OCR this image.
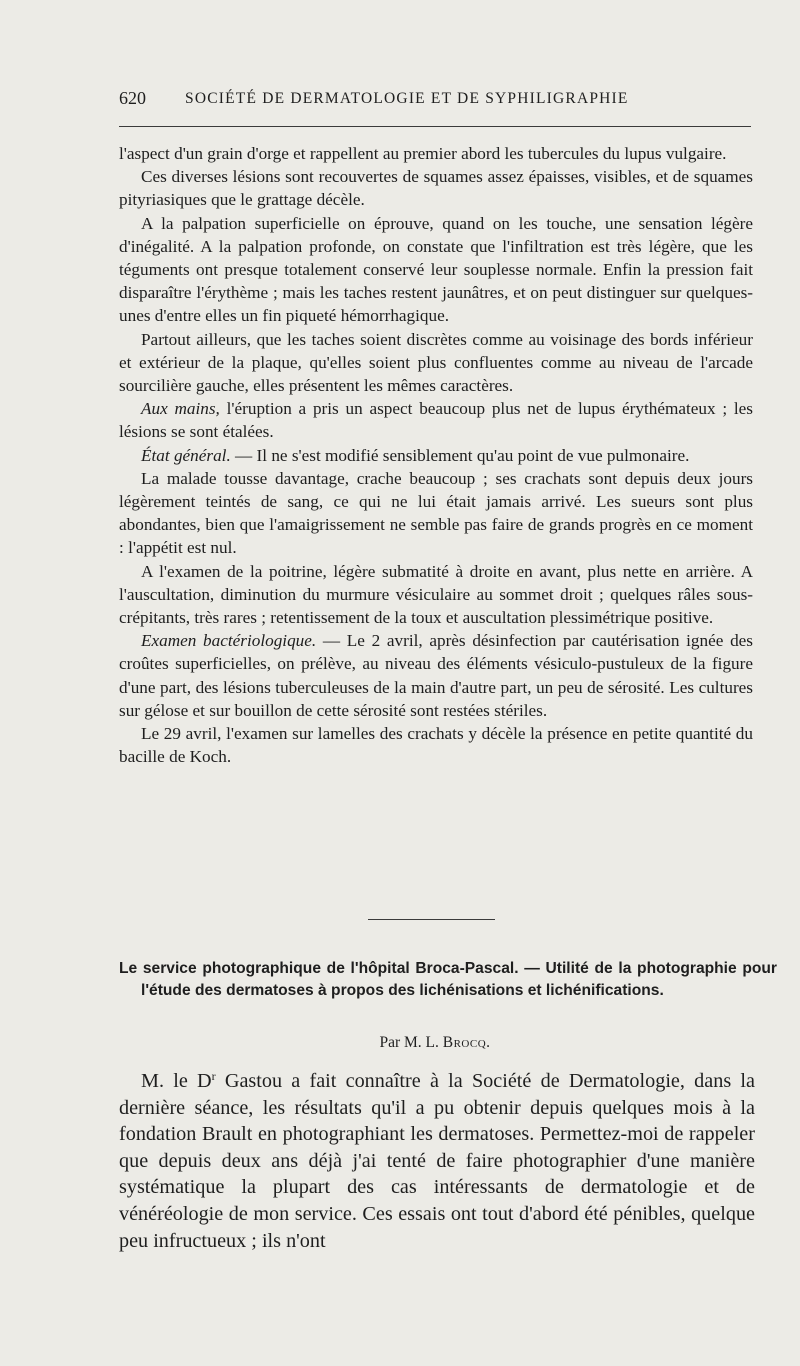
620	SOCIÉTÉ DE DERMATOLOGIE ET DE SYPHILIGRAPHIE

l'aspect d'un grain d'orge et rappellent au premier abord les tubercules du lupus vulgaire.

Ces diverses lésions sont recouvertes de squames assez épaisses, visibles, et de squames pityriasiques que le grattage décèle.

A la palpation superficielle on éprouve, quand on les touche, une sensation légère d'inégalité. A la palpation profonde, on constate que l'infiltration est très légère, que les téguments ont presque totalement conservé leur souplesse normale. Enfin la pression fait disparaître l'érythème ; mais les taches restent jaunâtres, et on peut distinguer sur quelques-unes d'entre elles un fin piqueté hémorrhagique.

Partout ailleurs, que les taches soient discrètes comme au voisinage des bords inférieur et extérieur de la plaque, qu'elles soient plus confluentes comme au niveau de l'arcade sourcilière gauche, elles présentent les mêmes caractères.

Aux mains, l'éruption a pris un aspect beaucoup plus net de lupus érythémateux ; les lésions se sont étalées.

État général. — Il ne s'est modifié sensiblement qu'au point de vue pulmonaire.

La malade tousse davantage, crache beaucoup ; ses crachats sont depuis deux jours légèrement teintés de sang, ce qui ne lui était jamais arrivé. Les sueurs sont plus abondantes, bien que l'amaigrissement ne semble pas faire de grands progrès en ce moment : l'appétit est nul.

A l'examen de la poitrine, légère submatité à droite en avant, plus nette en arrière. A l'auscultation, diminution du murmure vésiculaire au sommet droit ; quelques râles sous-crépitants, très rares ; retentissement de la toux et auscultation plessimétrique positive.

Examen bactériologique. — Le 2 avril, après désinfection par cautérisation ignée des croûtes superficielles, on prélève, au niveau des éléments vésiculo-pustuleux de la figure d'une part, des lésions tuberculeuses de la main d'autre part, un peu de sérosité. Les cultures sur gélose et sur bouillon de cette sérosité sont restées stériles.

Le 29 avril, l'examen sur lamelles des crachats y décèle la présence en petite quantité du bacille de Koch.

Le service photographique de l'hôpital Broca-Pascal. — Utilité de la photographie pour l'étude des dermatoses à propos des lichénisations et lichénifications.

Par M. L. Brocq.

M. le $D^r$ Gastou a fait connaître à la Société de Dermatologie, dans la dernière séance, les résultats qu'il a pu obtenir depuis quelques mois à la fondation Brault en photographiant les dermatoses. Permettez-moi de rappeler que depuis deux ans déjà j'ai tenté de faire photographier d'une manière systématique la plupart des cas intéressants de dermatologie et de vénéréologie de mon service. Ces essais ont tout d'abord été pénibles, quelque peu infructueux ; ils n'ont
